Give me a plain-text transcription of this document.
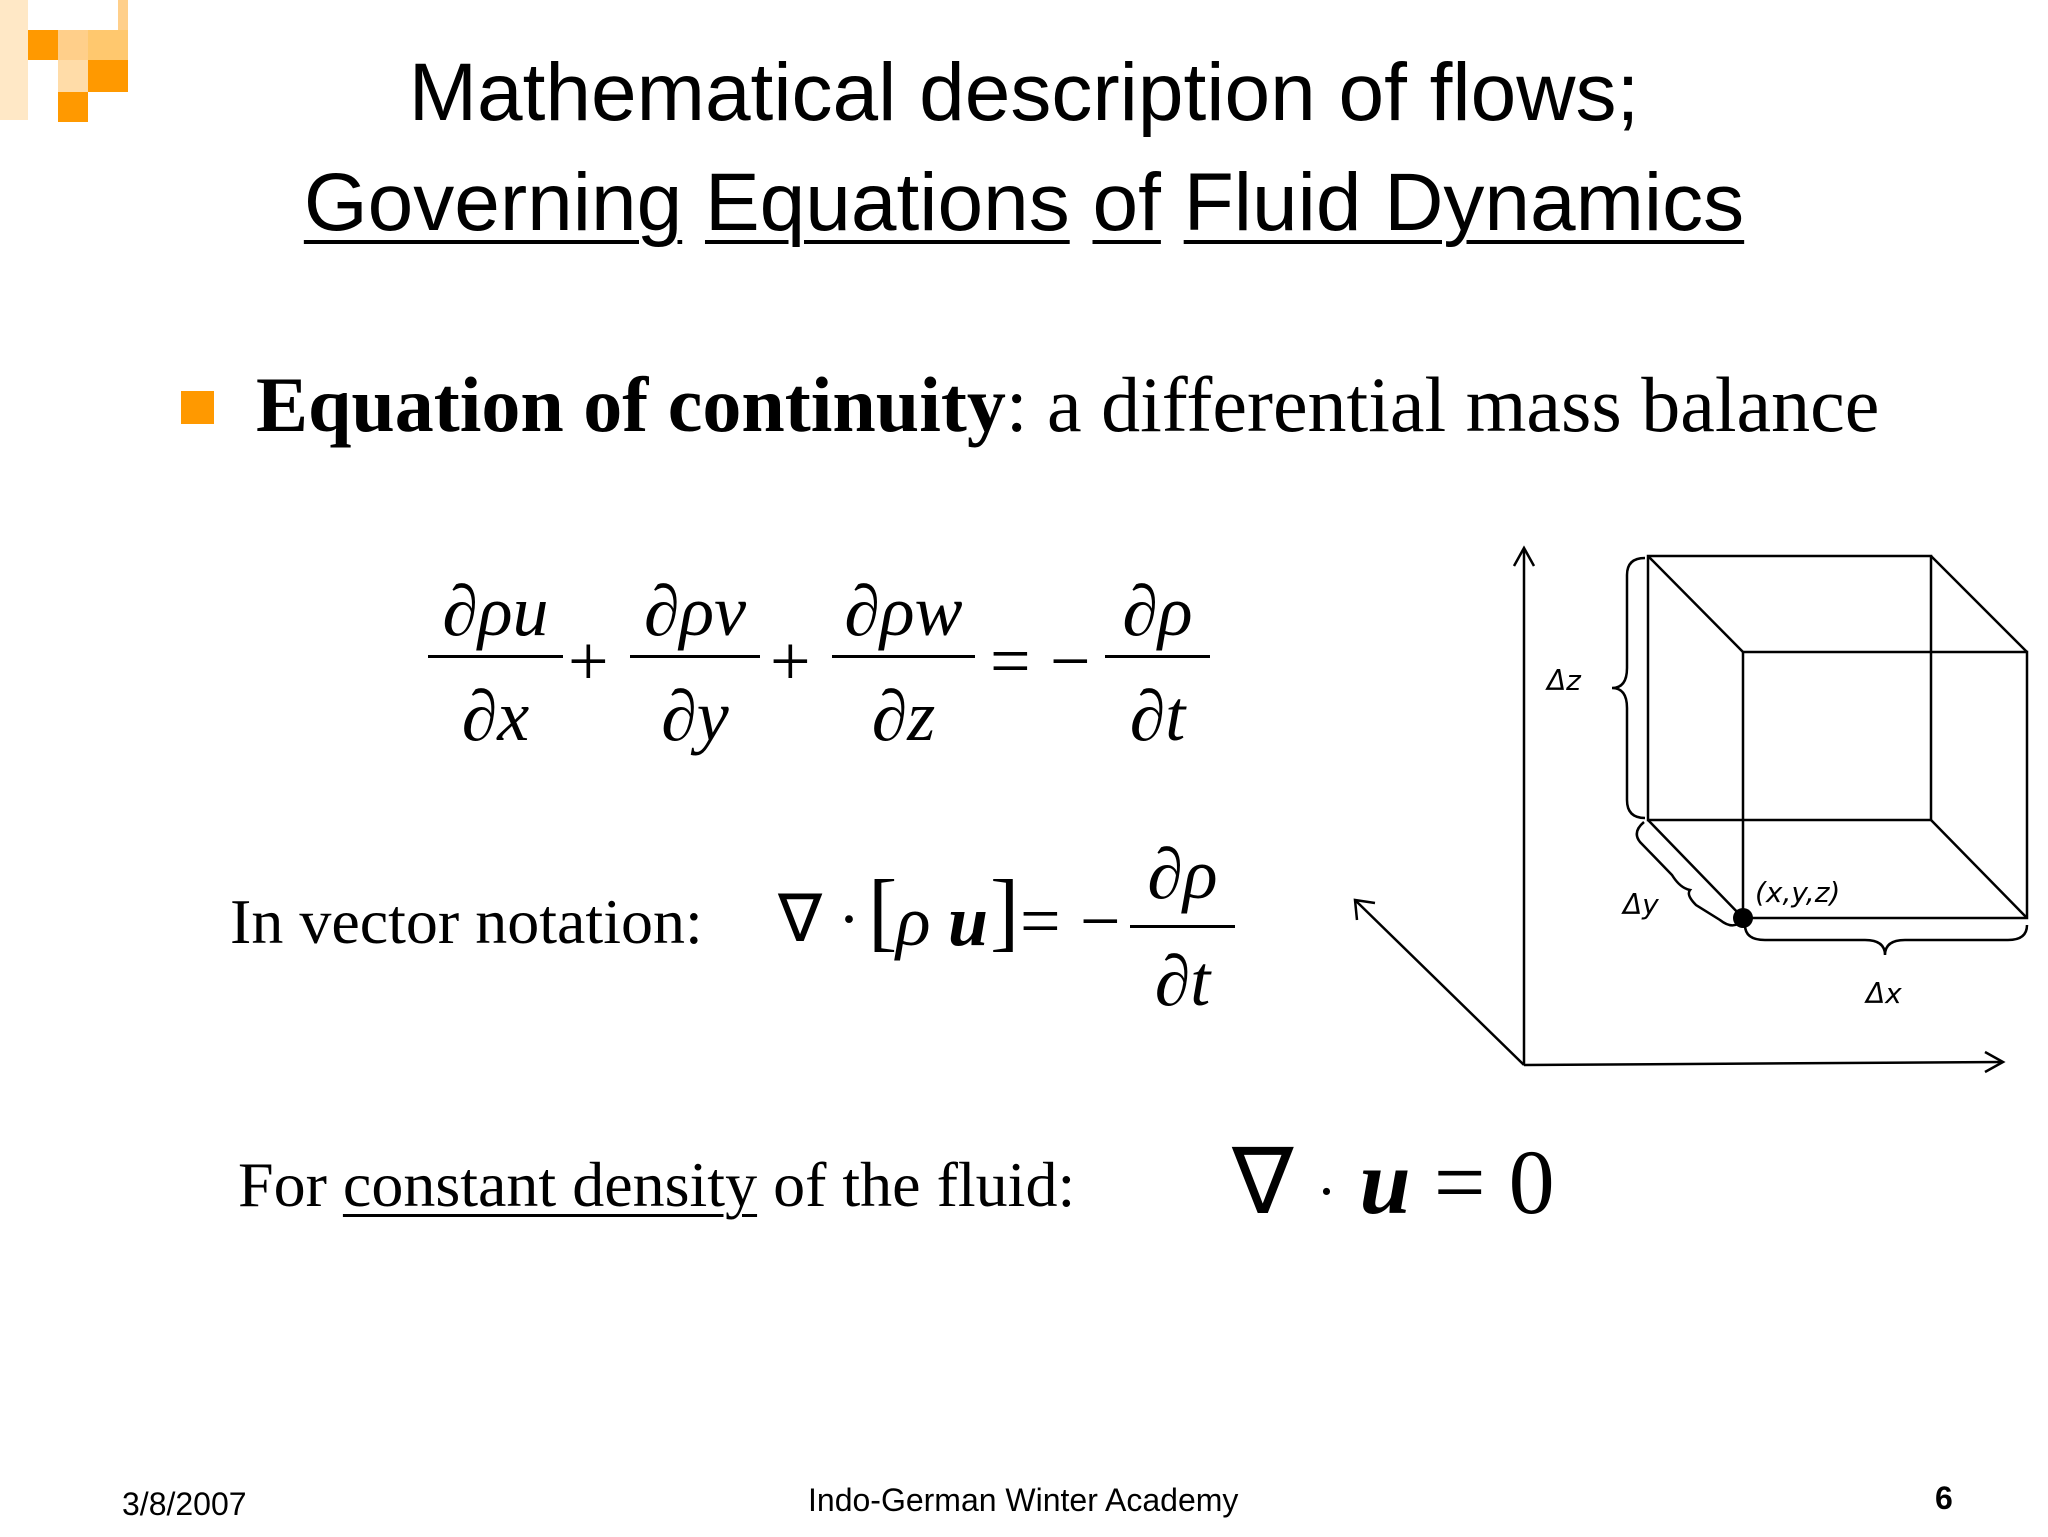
Mathematical description of flows;
Governing Equations of Fluid Dynamics
Equation of continuity: a differential mass balance
∂ρu
∂x
+
∂ρv
∂y
+
∂ρw
∂z
= −
∂ρ
∂t
In vector notation: ∇ · [
ρ u ] = −
∂ρ
∂t
For constant density of the fluid: ∇ · u = 0
Δz
Δy
Δx
(x,y,z)
3/8/2007	Indo-German Winter Academy	6
